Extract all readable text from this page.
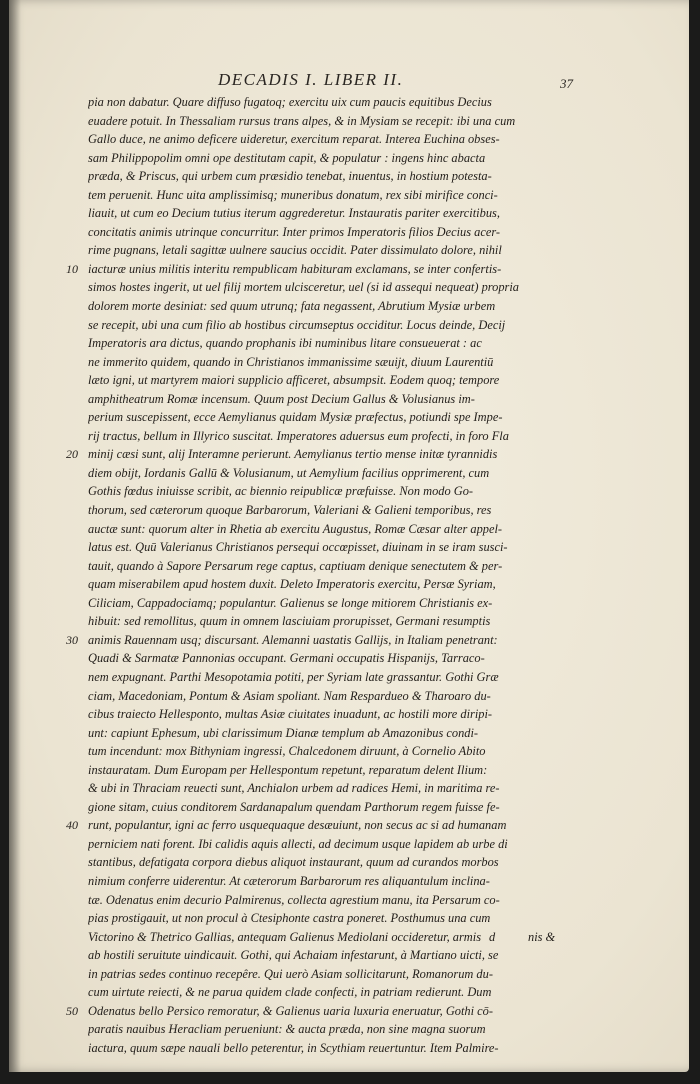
DECADIS I. LIBER II.	37
10
20
30
40
50
pia non dabatur. Quare diffuso fugatoq; exercitu uix cum paucis equitibus Decius
euadere potuit. In Thessaliam rursus trans alpes, & in Mysiam se recepit: ibi una cum
Gallo duce, ne animo deficere uideretur, exercitum reparat. Interea Euchina obses-
sam Philippopolim omni ope destitutam capit, & populatur : ingens hinc abacta
præda, & Priscus, qui urbem cum præsidio tenebat, inuentus, in hostium potesta-
tem peruenit. Hunc uita amplissimisq; muneribus donatum, rex sibi mirifice conci-
liauit, ut cum eo Decium tutius iterum aggrederetur. Instauratis pariter exercitibus,
concitatis animis utrinque concurritur. Inter primos Imperatoris filios Decius acer-
rime pugnans, letali sagittæ uulnere saucius occidit. Pater dissimulato dolore, nihil
iacturæ unius militis interitu rempublicam habituram exclamans, se inter confertis-
simos hostes ingerit, ut uel filij mortem ulcisceretur, uel (si id assequi nequeat) propria
dolorem morte desiniat: sed quum utrunq; fata negassent, Abrutium Mysiæ urbem
se recepit, ubi una cum filio ab hostibus circumseptus occiditur. Locus deinde, Decij
Imperatoris ara dictus, quando prophanis ibi numinibus litare consueuerat : ac
ne immerito quidem, quando in Christianos immanissime sæuijt, diuum Laurentiū
læto igni, ut martyrem maiori supplicio afficeret, absumpsit. Eodem quoq; tempore
amphitheatrum Romæ incensum. Quum post Decium Gallus & Volusianus im-
perium suscepissent, ecce Aemylianus quidam Mysiæ præfectus, potiundi spe Impe-
rij tractus, bellum in Illyrico suscitat. Imperatores aduersus eum profecti, in foro Fla
minij cæsi sunt, alij Interamne perierunt. Aemylianus tertio mense initæ tyrannidis
diem obijt, Iordanis Gallū & Volusianum, ut Aemylium facilius opprimerent, cum
Gothis fœdus iniuisse scribit, ac biennio reipublicæ præfuisse. Non modo Go-
thorum, sed cæterorum quoque Barbarorum, Valeriani & Galieni temporibus, res
auctæ sunt: quorum alter in Rhetia ab exercitu Augustus, Romæ Cæsar alter appel-
latus est. Quū Valerianus Christianos persequi occœpisset, diuinam in se iram susci-
tauit, quando à Sapore Persarum rege captus, captiuam denique senectutem & per-
quam miserabilem apud hostem duxit. Deleto Imperatoris exercitu, Persæ Syriam,
Ciliciam, Cappadociamq; populantur. Galienus se longe mitiorem Christianis ex-
hibuit: sed remollitus, quum in omnem lasciuiam prorupisset, Germani resumptis
animis Rauennam usq; discursant. Alemanni uastatis Gallijs, in Italiam penetrant:
Quadi & Sarmatæ Pannonias occupant. Germani occupatis Hispanijs, Tarraco-
nem expugnant. Parthi Mesopotamia potiti, per Syriam late grassantur. Gothi Græ
ciam, Macedoniam, Pontum & Asiam spoliant. Nam Respardueo & Tharoaro du-
cibus traiecto Hellesponto, multas Asiæ ciuitates inuadunt, ac hostili more diripi-
unt: capiunt Ephesum, ubi clarissimum Dianæ templum ab Amazonibus condi-
tum incendunt: mox Bithyniam ingressi, Chalcedonem diruunt, à Cornelio Abito
instauratam. Dum Europam per Hellespontum repetunt, reparatum delent Ilium:
& ubi in Thraciam reuecti sunt, Anchialon urbem ad radices Hemi, in maritima re-
gione sitam, cuius conditorem Sardanapalum quendam Parthorum regem fuisse fe-
runt, populantur, igni ac ferro usquequaque desæuiunt, non secus ac si ad humanam
perniciem nati forent. Ibi calidis aquis allecti, ad decimum usque lapidem ab urbe di
stantibus, defatigata corpora diebus aliquot instaurant, quum ad curandos morbos
nimium conferre uiderentur. At cæterorum Barbarorum res aliquantulum inclina-
tæ. Odenatus enim decurio Palmirenus, collecta agrestium manu, ita Persarum co-
pias prostigauit, ut non procul à Ctesiphonte castra poneret. Posthumus una cum
Victorino & Thetrico Gallias, antequam Galienus Mediolani occideretur, armis
ab hostili seruitute uindicauit. Gothi, qui Achaiam infestarunt, à Martiano uicti, se
in patrias sedes continuo recepêre. Qui uerò Asiam sollicitarunt, Romanorum du-
cum uirtute reiecti, & ne parua quidem clade confecti, in patriam redierunt. Dum
Odenatus bello Persico remoratur, & Galienus uaria luxuria eneruatur, Gothi cō-
paratis nauibus Heracliam perueniunt: & aucta præda, non sine magna suorum
iactura, quum sæpe nauali bello peterentur, in Scythiam reuertuntur. Item Palmire-
d	nis &
